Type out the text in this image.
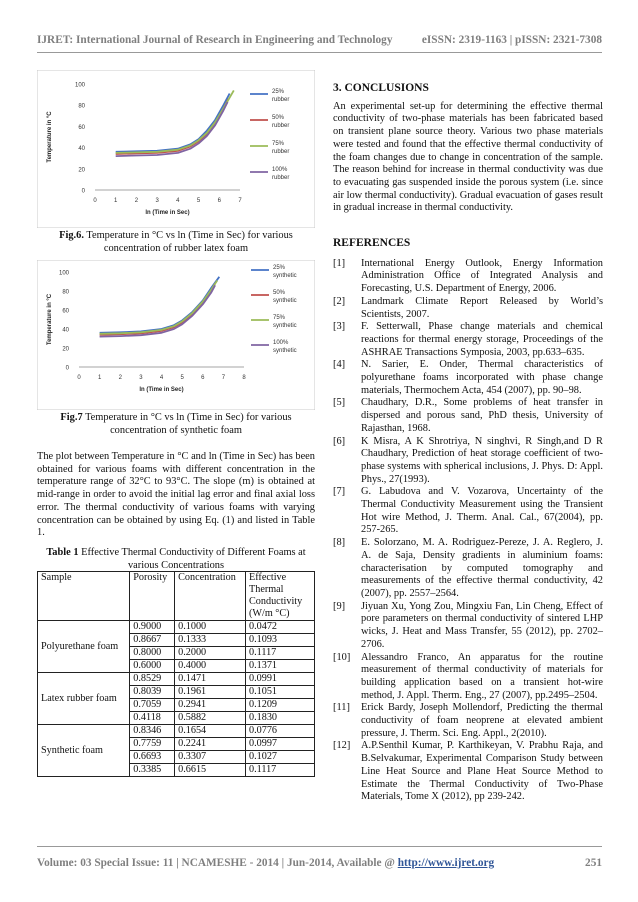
IJRET: International Journal of Research in Engineering and Technology	eISSN: 2319-1163 | pISSN: 2321-7308
0
20
40
60
80
100
0	1	2	3	4	5	6	7
ln (Time in Sec)
Temperature in °C
25% rubber
50% rubber
75% rubber
100% rubber
Fig.6. Temperature in °C vs ln (Time in Sec) for various concentration of rubber latex foam
0
20
40
60
80
100
0	1	2	3	4	5	6	7	8
ln (Time in Sec)
Temperature in °C
25% synthetic
50% synthetic
75% synthetic
100% synthetic
Fig.7 Temperature in °C vs ln (Time in Sec) for various concentration of synthetic foam
The plot between Temperature in °C and ln (Time in Sec) has been obtained for various foams with different concentration in the temperature range of 32°C to 93°C. The slope (m) is obtained at mid-range in order to avoid the initial lag error and final axial loss error. The thermal conductivity of various foams with varying concentration can be obtained by using Eq. (1) and listed in Table 1.
Table 1 Effective Thermal Conductivity of Different Foams at various Concentrations
Sample	Porosity	Concentration	Effective Thermal Conductivity (W/m °C)
Polyurethane foam	0.9000	0.1000	0.0472
	0.8667	0.1333	0.1093
	0.8000	0.2000	0.1117
	0.6000	0.4000	0.1371
Latex rubber foam	0.8529	0.1471	0.0991
	0.8039	0.1961	0.1051
	0.7059	0.2941	0.1209
	0.4118	0.5882	0.1830
Synthetic foam	0.8346	0.1654	0.0776
	0.7759	0.2241	0.0997
	0.6693	0.3307	0.1027
	0.3385	0.6615	0.1117
3. CONCLUSIONS
An experimental set-up for determining the effective thermal conductivity of two-phase materials has been fabricated based on transient plane source theory. Various two phase materials were tested and found that the effective thermal conductivity of the foam changes due to change in concentration of the sample. The reason behind for increase in thermal conductivity was due to evacuating gas suspended inside the porous system (i.e. since air low thermal conductivity). Gradual evacuation of gases result in gradual increase in thermal conductivity.
REFERENCES
[1]	International Energy Outlook, Energy Information Administration Office of Integrated Analysis and Forecasting, U.S. Department of Energy, 2006.
[2]	Landmark Climate Report Released by World’s Scientists, 2007.
[3]	F. Setterwall, Phase change materials and chemical reactions for thermal energy storage, Proceedings of the ASHRAE Transactions Symposia, 2003, pp.633–635.
[4]	N. Sarier, E. Onder, Thermal characteristics of polyurethane foams incorporated with phase change materials, Thermochem Acta, 454 (2007), pp. 90–98.
[5]	Chaudhary, D.R., Some problems of heat transfer in dispersed and porous sand, PhD thesis, University of Rajasthan, 1968.
[6]	K Misra, A K Shrotriya, N singhvi, R Singh,and D R Chaudhary, Prediction of heat storage coefficient of two- phase systems with spherical inclusions, J. Phys. D: Appl. Phys., 27(1993).
[7]	G. Labudova and V. Vozarova, Uncertainty of the Thermal Conductivity Measurement using the Transient Hot wire Method, J. Therm. Anal. Cal., 67(2004), pp. 257-265.
[8]	E. Solorzano, M. A. Rodriguez-Pereze, J. A. Reglero, J. A. de Saja, Density gradients in aluminium foams: characterisation by computed tomography and measurements of the effective thermal conductivity, 42 (2007), pp. 2557–2564.
[9]	Jiyuan Xu, Yong Zou, Mingxiu Fan, Lin Cheng, Effect of pore parameters on thermal conductivity of sintered LHP wicks, J. Heat and Mass Transfer, 55 (2012), pp. 2702–2706.
[10]	Alessandro Franco, An apparatus for the routine measurement of thermal conductivity of materials for building application based on a transient hot-wire method, J. Appl. Therm. Eng., 27 (2007), pp.2495–2504.
[11]	Erick Bardy, Joseph Mollendorf, Predicting the thermal conductivity of foam neoprene at elevated ambient pressure, J. Therm. Sci. Eng. Appl., 2(2010).
[12]	A.P.Senthil Kumar, P. Karthikeyan, V. Prabhu Raja, and B.Selvakumar, Experimental Comparison Study between Line Heat Source and Plane Heat Source Method to Estimate the Thermal Conductivity of Two-Phase Materials, Tome X (2012), pp 239-242.
Volume: 03 Special Issue: 11 | NCAMESHE - 2014 | Jun-2014, Available @ http://www.ijret.org	251
